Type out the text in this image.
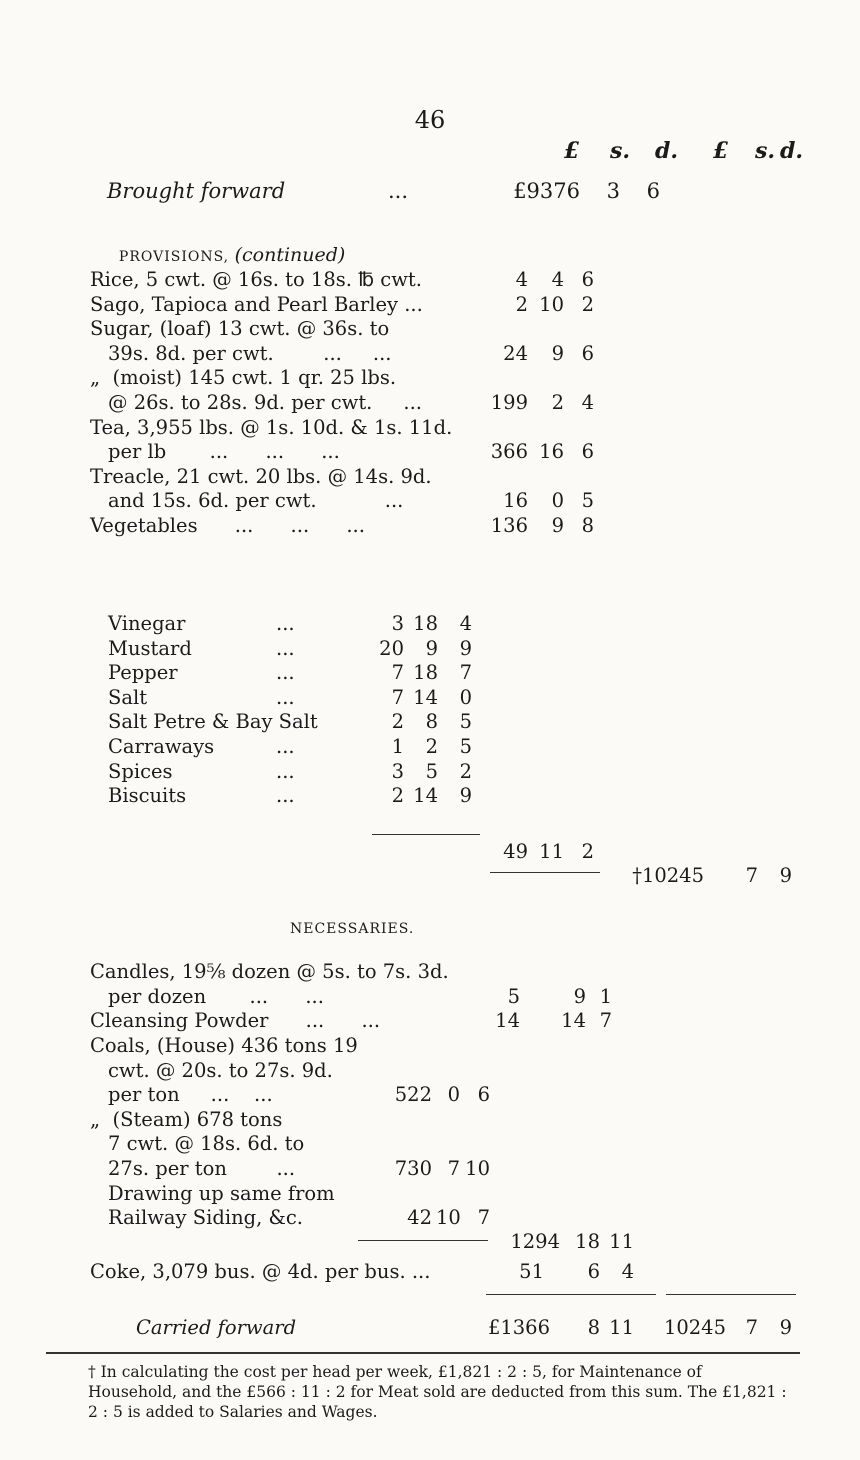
46
£ s. d. £ s. d.
Brought forward	...	£9376	3	6

PROVISIONS, (continued)

Rice, 5 cwt. @ 16s. to 18s. ℔ cwt.	4	4 6
Sago, Tapioca and Pearl Barley ...	2 10 2
Sugar, (loaf) 13 cwt. @ 36s. to
39s. 8d. per cwt.        ...     ...	24	9 6
„  (moist) 145 cwt. 1 qr. 25 lbs.
@ 26s. to 28s. 9d. per cwt.     ...	199	2 4
Tea, 3,955 lbs. @ 1s. 10d. & 1s. 11d.
per lb       ...      ...      ...	366 16 6
Treacle, 21 cwt. 20 lbs. @ 14s. 9d.
and 15s. 6d. per cwt.           ...	16	0 5
Vegetables      ...      ...      ...	136	9 8
Vinegar	...	3 18	4
Mustard	...	20	9	9
Pepper	...	7 18	7
Salt	...	7 14	0
Salt Petre & Bay Salt	2	8	5
Carraways	...	1	2	5
Spices	...	3	5	2
Biscuits	...	2 14	9
49 11 2
†10245	7	9
NECESSARIES.
Candles, 19⅝ dozen @ 5s. to 7s. 3d.
per dozen       ...      ...	5	9 1
Cleansing Powder      ...      ...	14 14 7
Coals, (House) 436 tons 19
cwt. @ 20s. to 27s. 9d.
per ton     ...    ...	522 0 6
„  (Steam) 678 tons
7 cwt. @ 18s. 6d. to
27s. per ton        ...	730 7 10
Drawing up same from
Railway Siding, &c.	42 10 7
1294 18 11
Coke, 3,079 bus. @ 4d. per bus. ...	51	6	4
Carried forward	£1366	8 11	10245	7	9
† In calculating the cost per head per week, £1,821 : 2 : 5, for Maintenance of Household, and the £566 : 11 : 2 for Meat sold are deducted from this sum. The £1,821 : 2 : 5 is added to Salaries and Wages.
